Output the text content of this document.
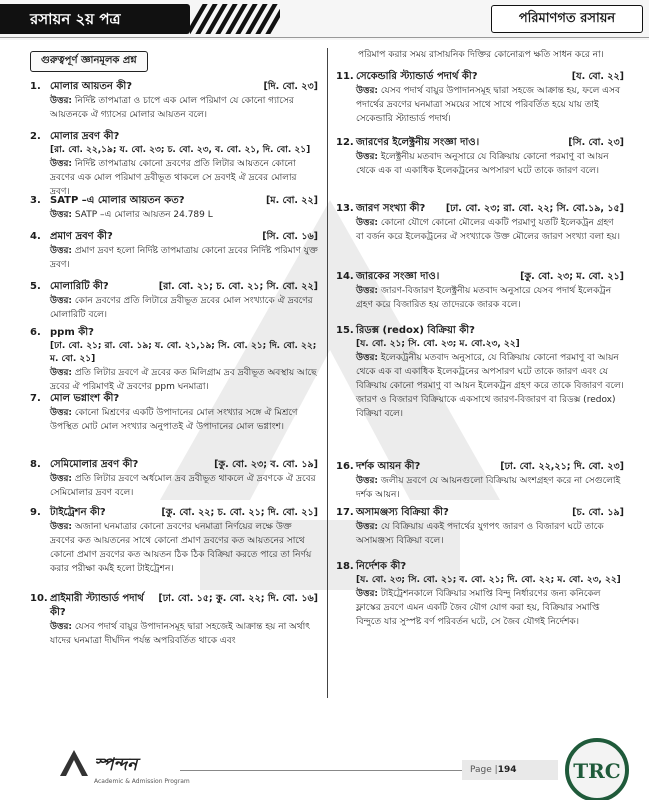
রসায়ন ২য় পত্র	পরিমাণগত রসায়ন
গুরুত্বপূর্ণ জ্ঞানমূলক প্রশ্ন
1. মোলার আয়তন কী?	[দি. বো. ২৩]
উত্তর: নির্দিষ্ট তাপমাত্রা ও চাপে এক মোল পরিমাণ যে কোনো গ্যাসের আয়তনকে ঐ গ্যাসের মোলার আয়তন বলে।
2. মোলার দ্রবণ কী?
[রা. বো. ২২,১৯; য. বো. ২৩; চ. বো. ২৩, ব. বো. ২১, দি. বো. ২১]
উত্তর: নির্দিষ্ট তাপমাত্রায় কোনো দ্রবণের প্রতি লিটার আয়তনে কোনো দ্রবণের এক মোল পরিমাণ দ্রবীভূত থাকলে সে দ্রবণই ঐ দ্রবের মোলার দ্রবণ।
3. SATP –এ মোলার আয়তন কত?	[ম. বো. ২২]
উত্তর: SATP –এ মোলার আয়তন 24.789 L
4. প্রমাণ দ্রবণ কী?	[সি. বো. ১৬]
উত্তর: প্রমাণ দ্রবণ হলো নির্দিষ্ট তাপমাত্রায় কোনো দ্রবের নির্দিষ্ট পরিমাণ যুক্ত দ্রবণ।
5. মোলারিটি কী?	[রা. বো. ২১; চ. বো. ২১; সি. বো. ২২]
উত্তর: কোন দ্রবণের প্রতি লিটারে দ্রবীভূত দ্রবের মোল সংখ্যাকে ঐ দ্রবণের মোলারিটি বলে।
6. ppm কী?
[ঢা. বো. ২১; রা. বো. ১৯; য. বো. ২১,১৯; সি. বো. ২১; দি. বো. ২২; ম. বো. ২১]
উত্তর: প্রতি লিটার দ্রবণে ঐ দ্রবের কত মিলিগ্রাম দ্রব দ্রবীভূত অবস্থায় আছে দ্রবের ঐ পরিমাণই ঐ দ্রবণের ppm ঘনমাত্রা।
7. মোল ভগ্নাংশ কী?
উত্তর: কোনো মিশ্রণের একটি উপাদানের মোল সংখ্যার সঙ্গে ঐ মিশ্রণে উপস্থিত মোট মোল সংখ্যার অনুপাতই ঐ উপাদানের মোল ভগ্নাংশ।
8. সেমিমোলার দ্রবণ কী?	[কু. বো. ২৩; ব. বো. ১৯]
উত্তর: প্রতি লিটার দ্রবণে অর্ধমোল দ্রব দ্রবীভূত থাকলে ঐ দ্রবণকে ঐ দ্রবের সেমিমোলার দ্রবণ বলে।
9. টাইট্রেশন কী?	[কু. বো. ২২; চ. বো. ২১; দি. বো. ২১]
উত্তর: অজানা ঘনমাত্রার কোনো দ্রবণের ঘনমাত্রা নির্ণয়ের লক্ষে উক্ত দ্রবণের কত আয়তনের সাথে কোনো প্রমাণ দ্রবণের কত আয়তনের সাথে কোনো প্রমাণ দ্রবণের কত আয়তন ঠিক ঠিক বিক্রিয়া করতে পারে তা নির্ণয় করার পরীক্ষা কর্মই হলো টাইট্রেশন।
10. প্রাইমারী স্ট্যান্ডার্ড পদার্থ কী?
[ঢা. বো. ১৫; কু. বো. ২২; দি. বো. ১৬]
উত্তর: যেসব পদার্থ বায়ুর উপাদানসমূহ দ্বারা সহজেই আক্রান্ত হয় না অর্থাৎ যাদের ঘনমাত্রা দীর্ঘদিন পর্যন্ত অপরিবর্তিত থাকে এবং
পরিমাপ করার সময় রাসায়নিক দিক্তির কোনোরূপ ক্ষতি সাধন করে না।
11. সেকেন্ডারি স্ট্যান্ডার্ড পদার্থ কী?	[য. বো. ২২]
উত্তর: যেসব পদার্থ বায়ুর উপাদানসমূহ দ্বারা সহজে আক্রান্ত হয়, ফলে এসব পদার্থের দ্রবণের ঘনমাত্রা সময়ের সাথে সাথে পরিবর্তিত হয়ে যায় তাই সেকেন্ডারি স্ট্যান্ডার্ড পদার্থ।
12. জারণের ইলেক্ট্রনীয় সংজ্ঞা দাও।	[সি. বো. ২৩]
উত্তর: ইলেক্ট্রনীয় মতবাদ অনুসারে যে বিক্রিয়ায় কোনো পরমাণু বা আয়ন থেকে এক বা একাধিক ইলেকট্রনের অপসারণ ঘটে তাকে জারণ বলে।
13. জারণ সংখ্যা কী?	[ঢা. বো. ২৩; রা. বো. ২২; সি. বো.১৯, ১৫]
উত্তর: কোনো যৌগে কোনো মৌলের একটি পরমাণু যতটি ইলেকট্রন গ্রহণ বা বর্জন করে ইলেকট্রনের ঐ সংখ্যাকে উক্ত মৌলের জারণ সংখ্যা বলা হয়।
14. জারকের সংজ্ঞা দাও।	[কু. বো. ২৩; ম. বো. ২১]
উত্তর: জারণ-বিজারণ ইলেক্ট্রনীয় মতবাদ অনুসারে যেসব পদার্থ ইলেকট্রন গ্রহণ করে বিজারিত হয় তাদেরকে জারক বলে।
15. রিডক্স (redox) বিক্রিয়া কী?
[য. বো. ২১; সি. বো. ২৩; ম. বো.২৩, ২২]
উত্তর: ইলেকট্রনীয় মতবাদ অনুসারে, যে বিক্রিয়ায় কোনো পরমাণু বা আয়ন থেকে এক বা একাধিক ইলেকট্রনের অপসারণ ঘটে তাকে জারণ এবং যে বিক্রিয়ায় কোনো পরমাণু বা আয়ন ইলেকট্রন গ্রহণ করে তাকে বিজারণ বলে। জারণ ও বিজারণ বিক্রিয়াকে একসাথে জারণ-বিজারণ বা রিডক্স (redox) বিক্রিয়া বলে।
16. দর্শক আয়ন কী?	[ঢা. বো. ২২,২১; দি. বো. ২৩]
উত্তর: জলীয় দ্রবণে যে আয়নগুলো বিক্রিয়ায় অংশগ্রহণ করে না সেগুলোই দর্শক আয়ন।
17. অসামঞ্জস্য বিক্রিয়া কী?	[চ. বো. ১৯]
উত্তর: যে বিক্রিয়ায় একই পদার্থের যুগপৎ জারণ ও বিজারণ ঘটে তাকে অসামঞ্জস্য বিক্রিয়া বলে।
18. নির্দেশক কী?
[য. বো. ২৩; সি. বো. ২১; ব. বো. ২১; দি. বো. ২২; ম. বো. ২৩, ২২]
উত্তর: টাইট্রেশনকালে বিক্রিয়ার সমাপ্তি বিন্দু নির্ধারণের জন্য কনিকেল ফ্লাস্কের দ্রবণে এমন একটি জৈব যৌগ যোগ করা হয়, বিক্রিয়ার সমাপ্তি বিন্দুতে যার সুস্পষ্ট বর্ণ পরিবর্তন ঘটে, সে জৈব যৌগই নির্দেশক।
স্পন্দন
Academic & Admission Program
Page |194	TRC
